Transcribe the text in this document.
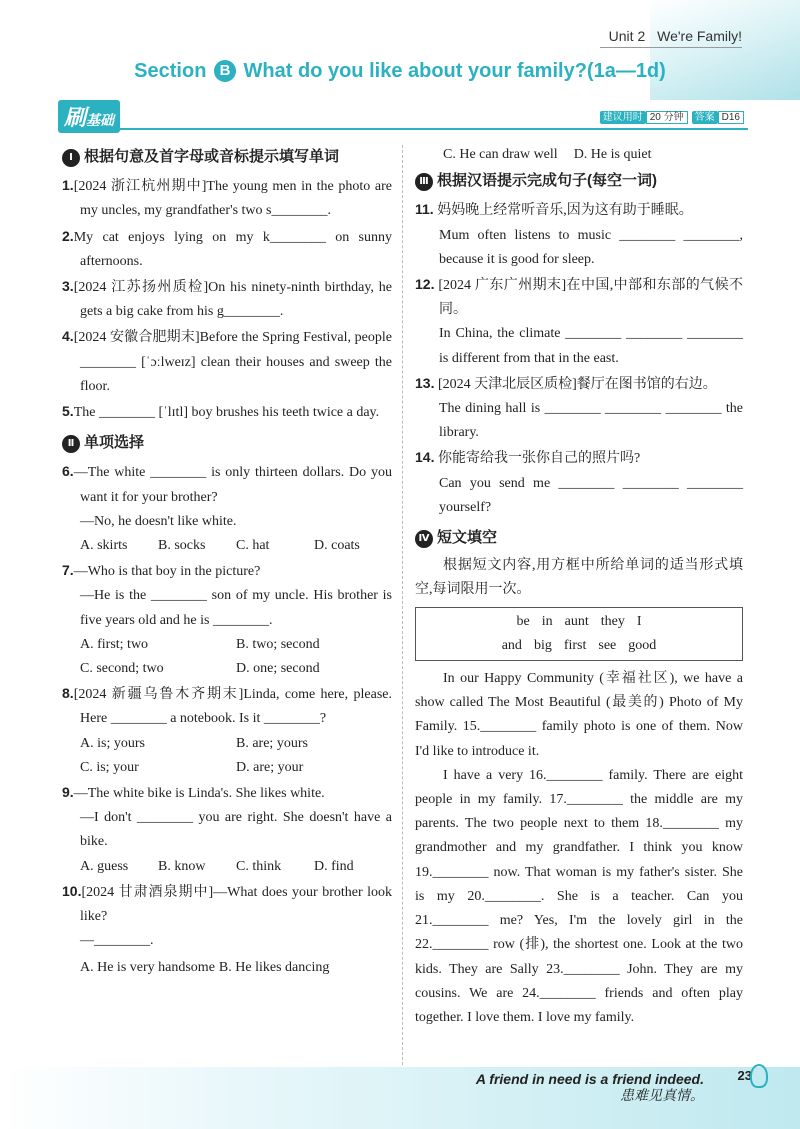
Unit 2 We're Family!
Section B What do you like about your family?(1a—1d)
刷基础	建议用时 20 分钟 答案 D16
Ⅰ 根据句意及首字母或音标提示填写单词
1.[2024 浙江杭州期中]The young men in the photo are my uncles, my grandfather's two s________.
2.My cat enjoys lying on my k________ on sunny afternoons.
3.[2024 江苏扬州质检]On his ninety-ninth birthday, he gets a big cake from his g________.
4.[2024 安徽合肥期末]Before the Spring Festival, people ________ [ˈɔːlweɪz] clean their houses and sweep the floor.
5.The ________ [ˈlɪtl] boy brushes his teeth twice a day.
Ⅱ 单项选择
6.—The white ________ is only thirteen dollars. Do you want it for your brother?
—No, he doesn't like white.
A. skirts	B. socks	C. hat	D. coats
7.—Who is that boy in the picture?
—He is the ________ son of my uncle. His brother is five years old and he is ________.
A. first; two	B. two; second
C. second; two	D. one; second
8.[2024 新疆乌鲁木齐期末]Linda, come here, please. Here ________ a notebook. Is it ________?
A. is; yours	B. are; yours
C. is; your	D. are; your
9.—The white bike is Linda's. She likes white.
—I don't ________ you are right. She doesn't have a bike.
A. guess	B. know	C. think	D. find
10.[2024 甘肃酒泉期中]—What does your brother look like?
—________.
A. He is very handsome B. He likes dancing
C. He can draw well D. He is quiet
Ⅲ 根据汉语提示完成句子(每空一词)
11. 妈妈晚上经常听音乐,因为这有助于睡眠。
Mum often listens to music ________ ________, because it is good for sleep.
12. [2024 广东广州期末]在中国,中部和东部的气候不同。
In China, the climate ________ ________ ________ is different from that in the east.
13. [2024 天津北辰区质检]餐厅在图书馆的右边。
The dining hall is ________ ________ ________ the library.
14. 你能寄给我一张你自己的照片吗?
Can you send me ________ ________ ________ yourself?
Ⅳ 短文填空
根据短文内容,用方框中所给单词的适当形式填空,每词限用一次。
be in aunt they I
and big first see good
In our Happy Community (幸福社区), we have a show called The Most Beautiful (最美的) Photo of My Family. 15.________ family photo is one of them. Now I'd like to introduce it.
I have a very 16.________ family. There are eight people in my family. 17.________ the middle are my parents. The two people next to them 18.________ my grandmother and my grandfather. I think you know 19.________ now. That woman is my father's sister. She is my 20.________. She is a teacher. Can you 21.________ me? Yes, I'm the lovely girl in the 22.________ row (排), the shortest one. Look at the two kids. They are Sally 23.________ John. They are my cousins. We are 24.________ friends and often play together. I love them. I love my family.
A friend in need is a friend indeed.
患难见真情。
23
